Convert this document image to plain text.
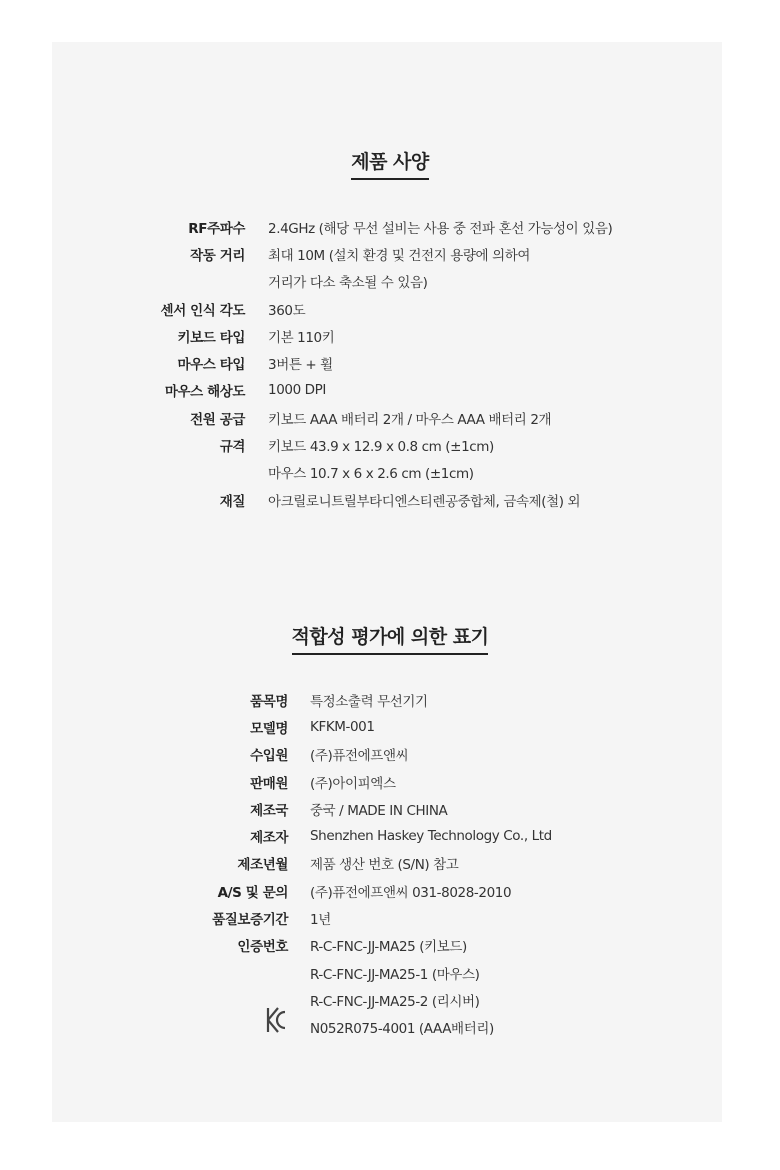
제품 사양
RF주파수 2.4GHz (해당 무선 설비는 사용 중 전파 혼선 가능성이 있음)
작동 거리 최대 10M (설치 환경 및 건전지 용량에 의하여
거리가 다소 축소될 수 있음)
센서 인식 각도 360도
키보드 타입 기본 110키
마우스 타입 3버튼 + 휠
마우스 해상도 1000 DPI
전원 공급 키보드 AAA 배터리 2개 / 마우스 AAA 배터리 2개
규격 키보드 43.9 x 12.9 x 0.8 cm (±1cm)
마우스 10.7 x 6 x 2.6 cm (±1cm)
재질 아크릴로니트릴부타디엔스티렌공중합체, 금속제(철) 외
적합성 평가에 의한 표기
품목명 특정소출력 무선기기
모델명 KFKM-001
수입원 (주)퓨전에프앤씨
판매원 (주)아이피엑스
제조국 중국 / MADE IN CHINA
제조자 Shenzhen Haskey Technology Co., Ltd
제조년월 제품 생산 번호 (S/N) 참고
A/S 및 문의 (주)퓨전에프앤씨 031-8028-2010
품질보증기간 1년
인증번호 R-C-FNC-JJ-MA25 (키보드)
R-C-FNC-JJ-MA25-1 (마우스)
R-C-FNC-JJ-MA25-2 (리시버)
N052R075-4001 (AAA배터리)
